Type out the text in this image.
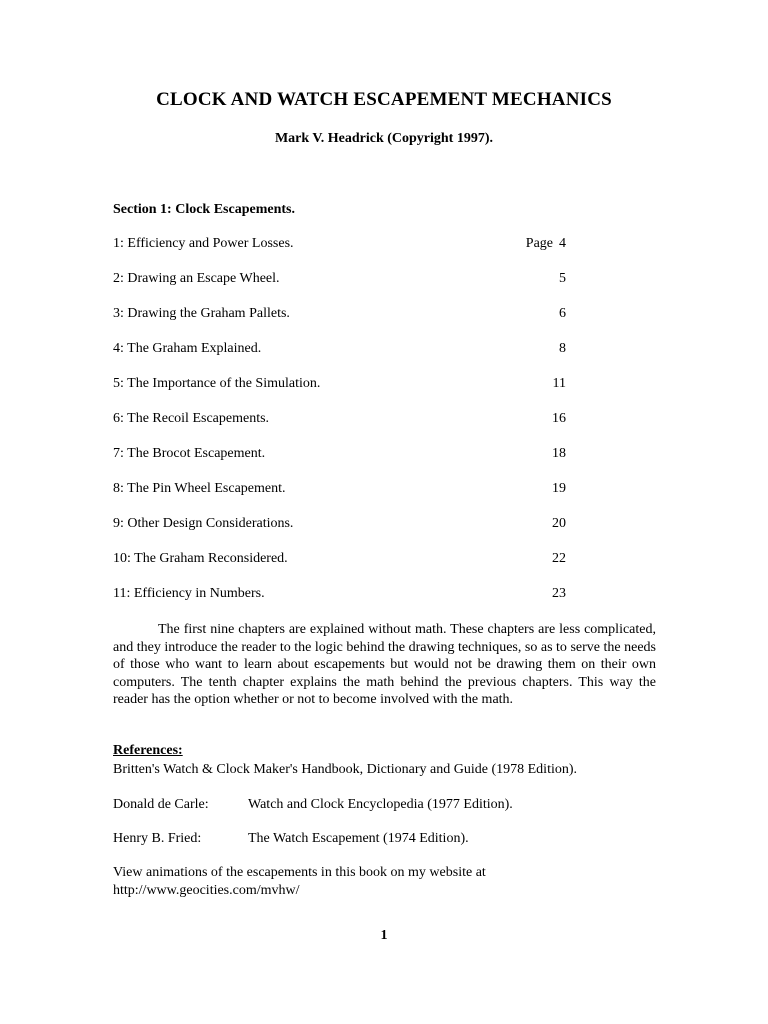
CLOCK AND WATCH ESCAPEMENT MECHANICS
Mark V. Headrick (Copyright 1997).
Section 1: Clock Escapements.
1: Efficiency and Power Losses.	Page 4
2: Drawing an Escape Wheel.	5
3: Drawing the Graham Pallets.	6
4: The Graham Explained.	8
5: The Importance of the Simulation.	11
6: The Recoil Escapements.	16
7: The Brocot Escapement.	18
8: The Pin Wheel Escapement.	19
9: Other Design Considerations.	20
10: The Graham Reconsidered.	22
11: Efficiency in Numbers.	23

The first nine chapters are explained without math. These chapters are less complicated, and they introduce the reader to the logic behind the drawing techniques, so as to serve the needs of those who want to learn about escapements but would not be drawing them on their own computers. The tenth chapter explains the math behind the previous chapters. This way the reader has the option whether or not to become involved with the math.

References:
Britten's Watch & Clock Maker's Handbook, Dictionary and Guide (1978 Edition).
Donald de Carle:	Watch and Clock Encyclopedia (1977 Edition).
Henry B. Fried:	The Watch Escapement (1974 Edition).
View animations of the escapements in this book on my website at
http://www.geocities.com/mvhw/
1
